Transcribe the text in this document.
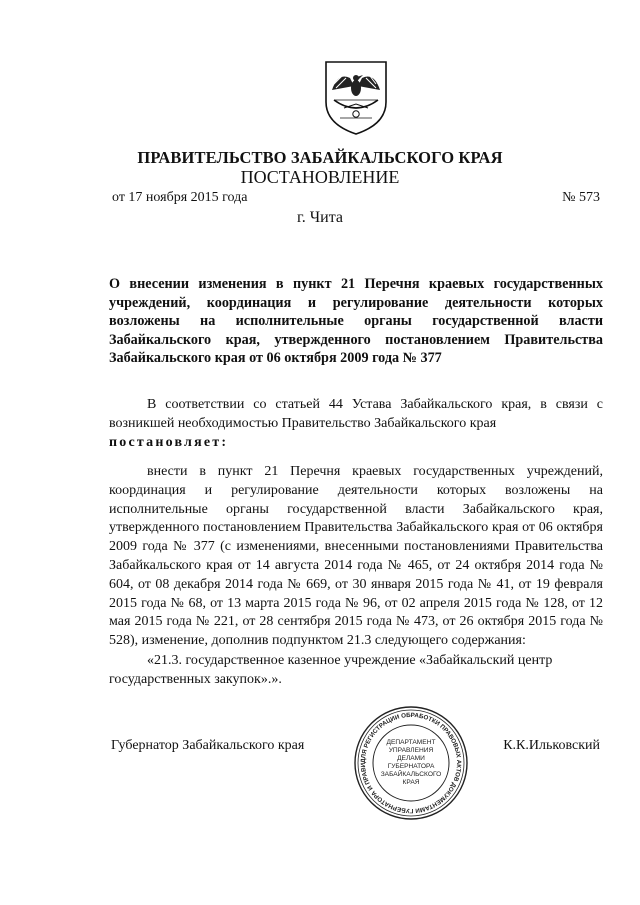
ПРАВИТЕЛЬСТВО ЗАБАЙКАЛЬСКОГО КРАЯ
ПОСТАНОВЛЕНИЕ
от 17 ноября 2015 года	№ 573
г. Чита
О внесении изменения в пункт 21 Перечня краевых государственных учреждений, координация и регулирование деятельности которых возложены на исполнительные органы государственной власти Забайкальского края, утвержденного постановлением Правительства Забайкальского края от 06 октября 2009 года № 377
В соответствии со статьей 44 Устава Забайкальского края, в связи с возникшей необходимостью Правительство Забайкальского края
постановляет:
внести в пункт 21 Перечня краевых государственных учреждений, координация и регулирование деятельности которых возложены на исполнительные органы государственной власти Забайкальского края, утвержденного постановлением Правительства Забайкальского края от 06 октября 2009 года № 377 (с изменениями, внесенными постановлениями Правительства Забайкальского края от 14 августа 2014 года № 465, от 24 октября 2014 года № 604, от 08 декабря 2014 года № 669, от 30 января 2015 года № 41, от 19 февраля 2015 года № 68, от 13 марта 2015 года № 96, от 02 апреля 2015 года № 128, от 12 мая 2015 года № 221, от 28 сентября 2015 года № 473, от 26 октября 2015 года № 528), изменение, дополнив подпунктом 21.3 следующего содержания:
«21.3. государственное казенное учреждение «Забайкальский центр государственных закупок».».
Губернатор Забайкальского края	К.К.Ильковский
ДЛЯ РЕГИСТРАЦИИ ОБРАБОТКИ ПРАВОВЫХ АКТОВ ДОКУМЕНТАМИ ГУБЕРНАТОРА И ПРАВИ
ДЕПАРТАМЕНТ
УПРАВЛЕНИЯ
ДЕЛАМИ
ГУБЕРНАТОРА
ЗАБАЙКАЛЬСКОГО
КРАЯ
